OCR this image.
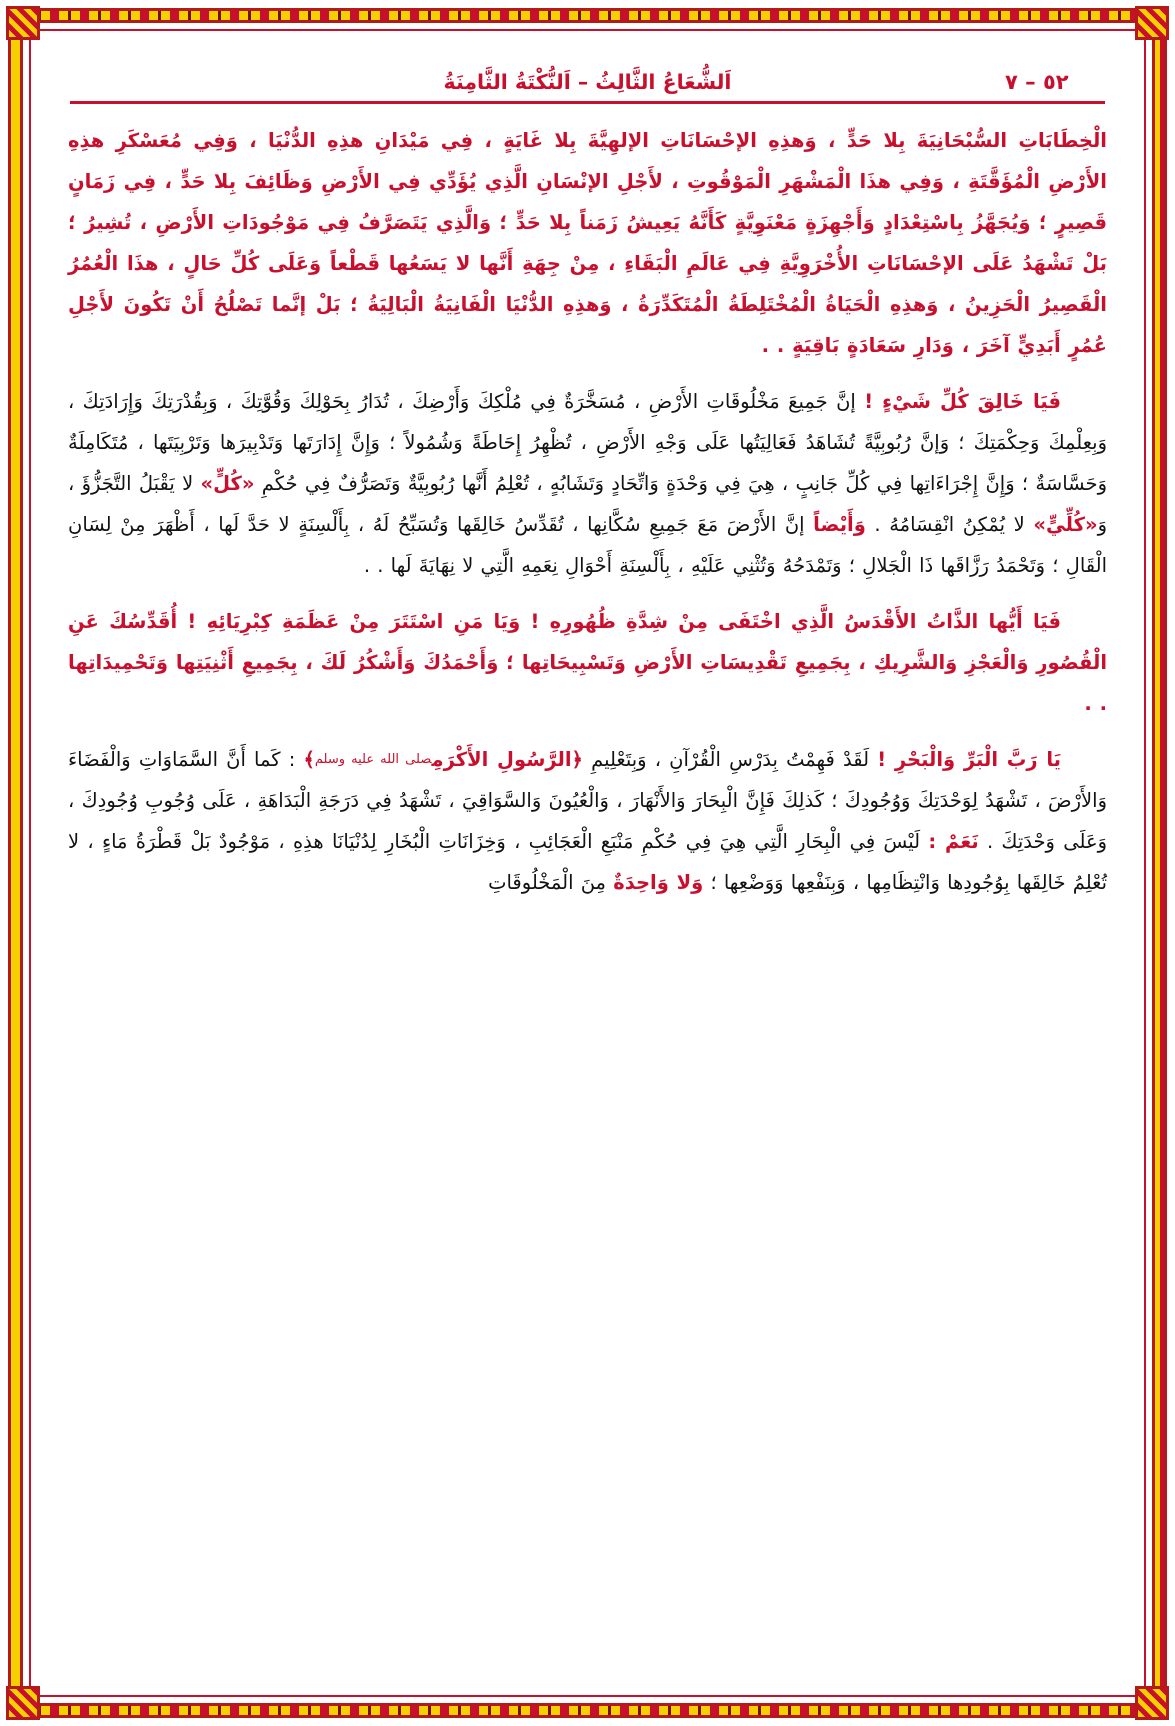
٥٢ – ٧
اَلشُّعَاعُ الثَّالِثُ – اَلنُّكْتَةُ الثَّامِنَةُ

الْخِطَابَاتِ السُّبْحَانِيَةَ بِلا حَدٍّ ، وَهذِهِ الإحْسَانَاتِ الإلهِيَّةَ بِلا غَايَةٍ ، فِي مَيْدَانِ هذِهِ الدُّنْيَا ، وَفِي مُعَسْكَرِ هذِهِ الأَرْضِ الْمُؤَقَّتَةِ ، وَفِي هذَا الْمَشْهَرِ الْمَوْقُوتِ ، لأَجْلِ الإنْسَانِ الَّذِي يُؤَدِّي فِي الأَرْضِ وَظَائِفَ بِلا حَدٍّ ، فِي زَمَانٍ قَصِيرٍ ؛ وَيُجَهَّزُ بِاسْتِعْدَادٍ وَأَجْهِزَةٍ مَعْنَوِيَّةٍ كَأَنَّهُ يَعِيشُ زَمَناً بِلا حَدٍّ ؛ وَالَّذِي يَتَصَرَّفُ فِي مَوْجُودَاتِ الأَرْضِ ، تُشِيرُ ؛ بَلْ تَشْهَدُ عَلَى الإحْسَانَاتِ الأُخْرَوِيَّةِ فِي عَالَمِ الْبَقَاءِ ، مِنْ جِهَةِ أَنَّها لا يَسَعُها قَطْعاً وَعَلَى كُلِّ حَالٍ ، هذَا الْعُمُرُ الْقَصِيرُ الْحَزِينُ ، وَهذِهِ الْحَيَاةُ الْمُخْتَلِطَةُ الْمُتَكَدِّرَةُ ، وَهذِهِ الدُّنْيَا الْفَانِيَةُ الْبَالِيَةُ ؛ بَلْ إنَّما تَصْلُحُ أَنْ تَكُونَ لأَجْلِ عُمُرٍ أَبَدِيٍّ آخَرَ ، وَدَارِ سَعَادَةٍ بَاقِيَةٍ . .

فَيَا خَالِقَ كُلِّ شَيْءٍ ! إنَّ جَمِيعَ مَخْلُوقَاتِ الأَرْضِ ، مُسَخَّرَةٌ فِي مُلْكِكَ وَأَرْضِكَ ، تُدَارُ بِحَوْلِكَ وَقُوَّتِكَ ، وَبِقُدْرَتِكَ وَإِرَادَتِكَ ، وَبِعِلْمِكَ وَحِكْمَتِكَ ؛ وَإنَّ رُبُوبِيَّةً تُشَاهَدُ فَعَالِيَتُها عَلَى وَجْهِ الأَرْضِ ، تُظْهِرُ إِحَاطَةً وَشُمُولاً ؛ وَإِنَّ إِدَارَتَها وَتَدْبِيرَها وَتَرْبِيَتَها ، مُتَكَامِلَةٌ وَحَسَّاسَةٌ ؛ وَإِنَّ إِجْرَاءَاتِها فِي كُلِّ جَانِبٍ ، هِيَ فِي وَحْدَةٍ وَاتِّحَادٍ وَتَشَابُهٍ ، تُعْلِمُ أَنَّها رُبُوبِيَّةٌ وَتَصَرُّفٌ فِي حُكْمِ «كُلٍّ» لا يَقْبَلُ التَّجَزُّؤَ ، وَ«كُلِّيٍّ» لا يُمْكِنُ انْقِسَامُهُ . وَأَيْضاً إنَّ الأَرْضَ مَعَ جَمِيعِ سُكَّانِها ، تُقَدِّسُ خَالِقَها وَتُسَبِّحُ لَهُ ، بِأَلْسِنَةٍ لا حَدَّ لَها ، أَظْهَرَ مِنْ لِسَانِ الْقَالِ ؛ وَتَحْمَدُ رَزَّاقَها ذَا الْجَلالِ ؛ وَتَمْدَحُهُ وَتُثْنِي عَلَيْهِ ، بِأَلْسِنَةِ أَحْوَالِ نِعَمِهِ الَّتِي لا نِهَايَةَ لَها . .

فَيَا أَيُّها الذَّاتُ الأَقْدَسُ الَّذِي اخْتَفَى مِنْ شِدَّةِ ظُهُورِهِ ! وَيَا مَنِ اسْتَتَرَ مِنْ عَظَمَةِ كِبْرِيَائِهِ ! أُقَدِّسُكَ عَنِ الْقُصُورِ وَالْعَجْزِ وَالشَّرِيكِ ، بِجَمِيعِ تَقْدِيسَاتِ الأَرْضِ وَتَسْبِيحَاتِها ؛ وَأَحْمَدُكَ وَأَشْكُرُ لَكَ ، بِجَمِيعِ أَثْنِيَتِها وَتَحْمِيدَاتِها . .

يَا رَبَّ الْبَرِّ وَالْبَحْرِ ! لَقَدْ فَهِمْتُ بِدَرْسِ الْقُرْآنِ ، وَبِتَعْلِيمِ ﴿الرَّسُولِ الأَكْرَمِصلى الله عليه وسلم﴾ : كَما أَنَّ السَّمَاوَاتِ وَالْفَضَاءَ وَالأَرْضَ ، تَشْهَدُ لِوَحْدَتِكَ وَوُجُودِكَ ؛ كَذلِكَ فَإِنَّ الْبِحَارَ وَالأَنْهَارَ ، وَالْعُيُونَ وَالسَّوَاقِيَ ، تَشْهَدُ فِي دَرَجَةِ الْبَدَاهَةِ ، عَلَى وُجُوبِ وُجُودِكَ ، وَعَلَى وَحْدَتِكَ . نَعَمْ : لَيْسَ فِي الْبِحَارِ الَّتِي هِيَ فِي حُكْمِ مَنْبَعِ الْعَجَائِبِ ، وَخِزَانَاتِ الْبُخَارِ لِدُنْيَانَا هذِهِ ، مَوْجُودٌ بَلْ قَطْرَةُ مَاءٍ ، لا تُعْلِمُ خَالِقَها بِوُجُودِها وَانْتِظَامِها ، وَبِنَفْعِها وَوَضْعِها ؛ وَلا وَاحِدَةٌ مِنَ الْمَخْلُوقَاتِ
